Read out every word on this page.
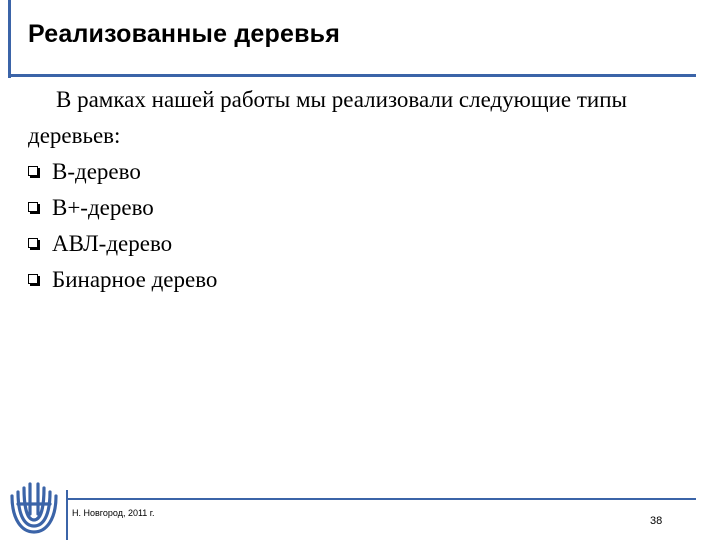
Реализованные деревья

В рамках нашей работы мы реализовали следующие типы деревьев:

B-дерево
B+-дерево
АВЛ-дерево
Бинарное дерево
Н. Новгород, 2011 г.
38
